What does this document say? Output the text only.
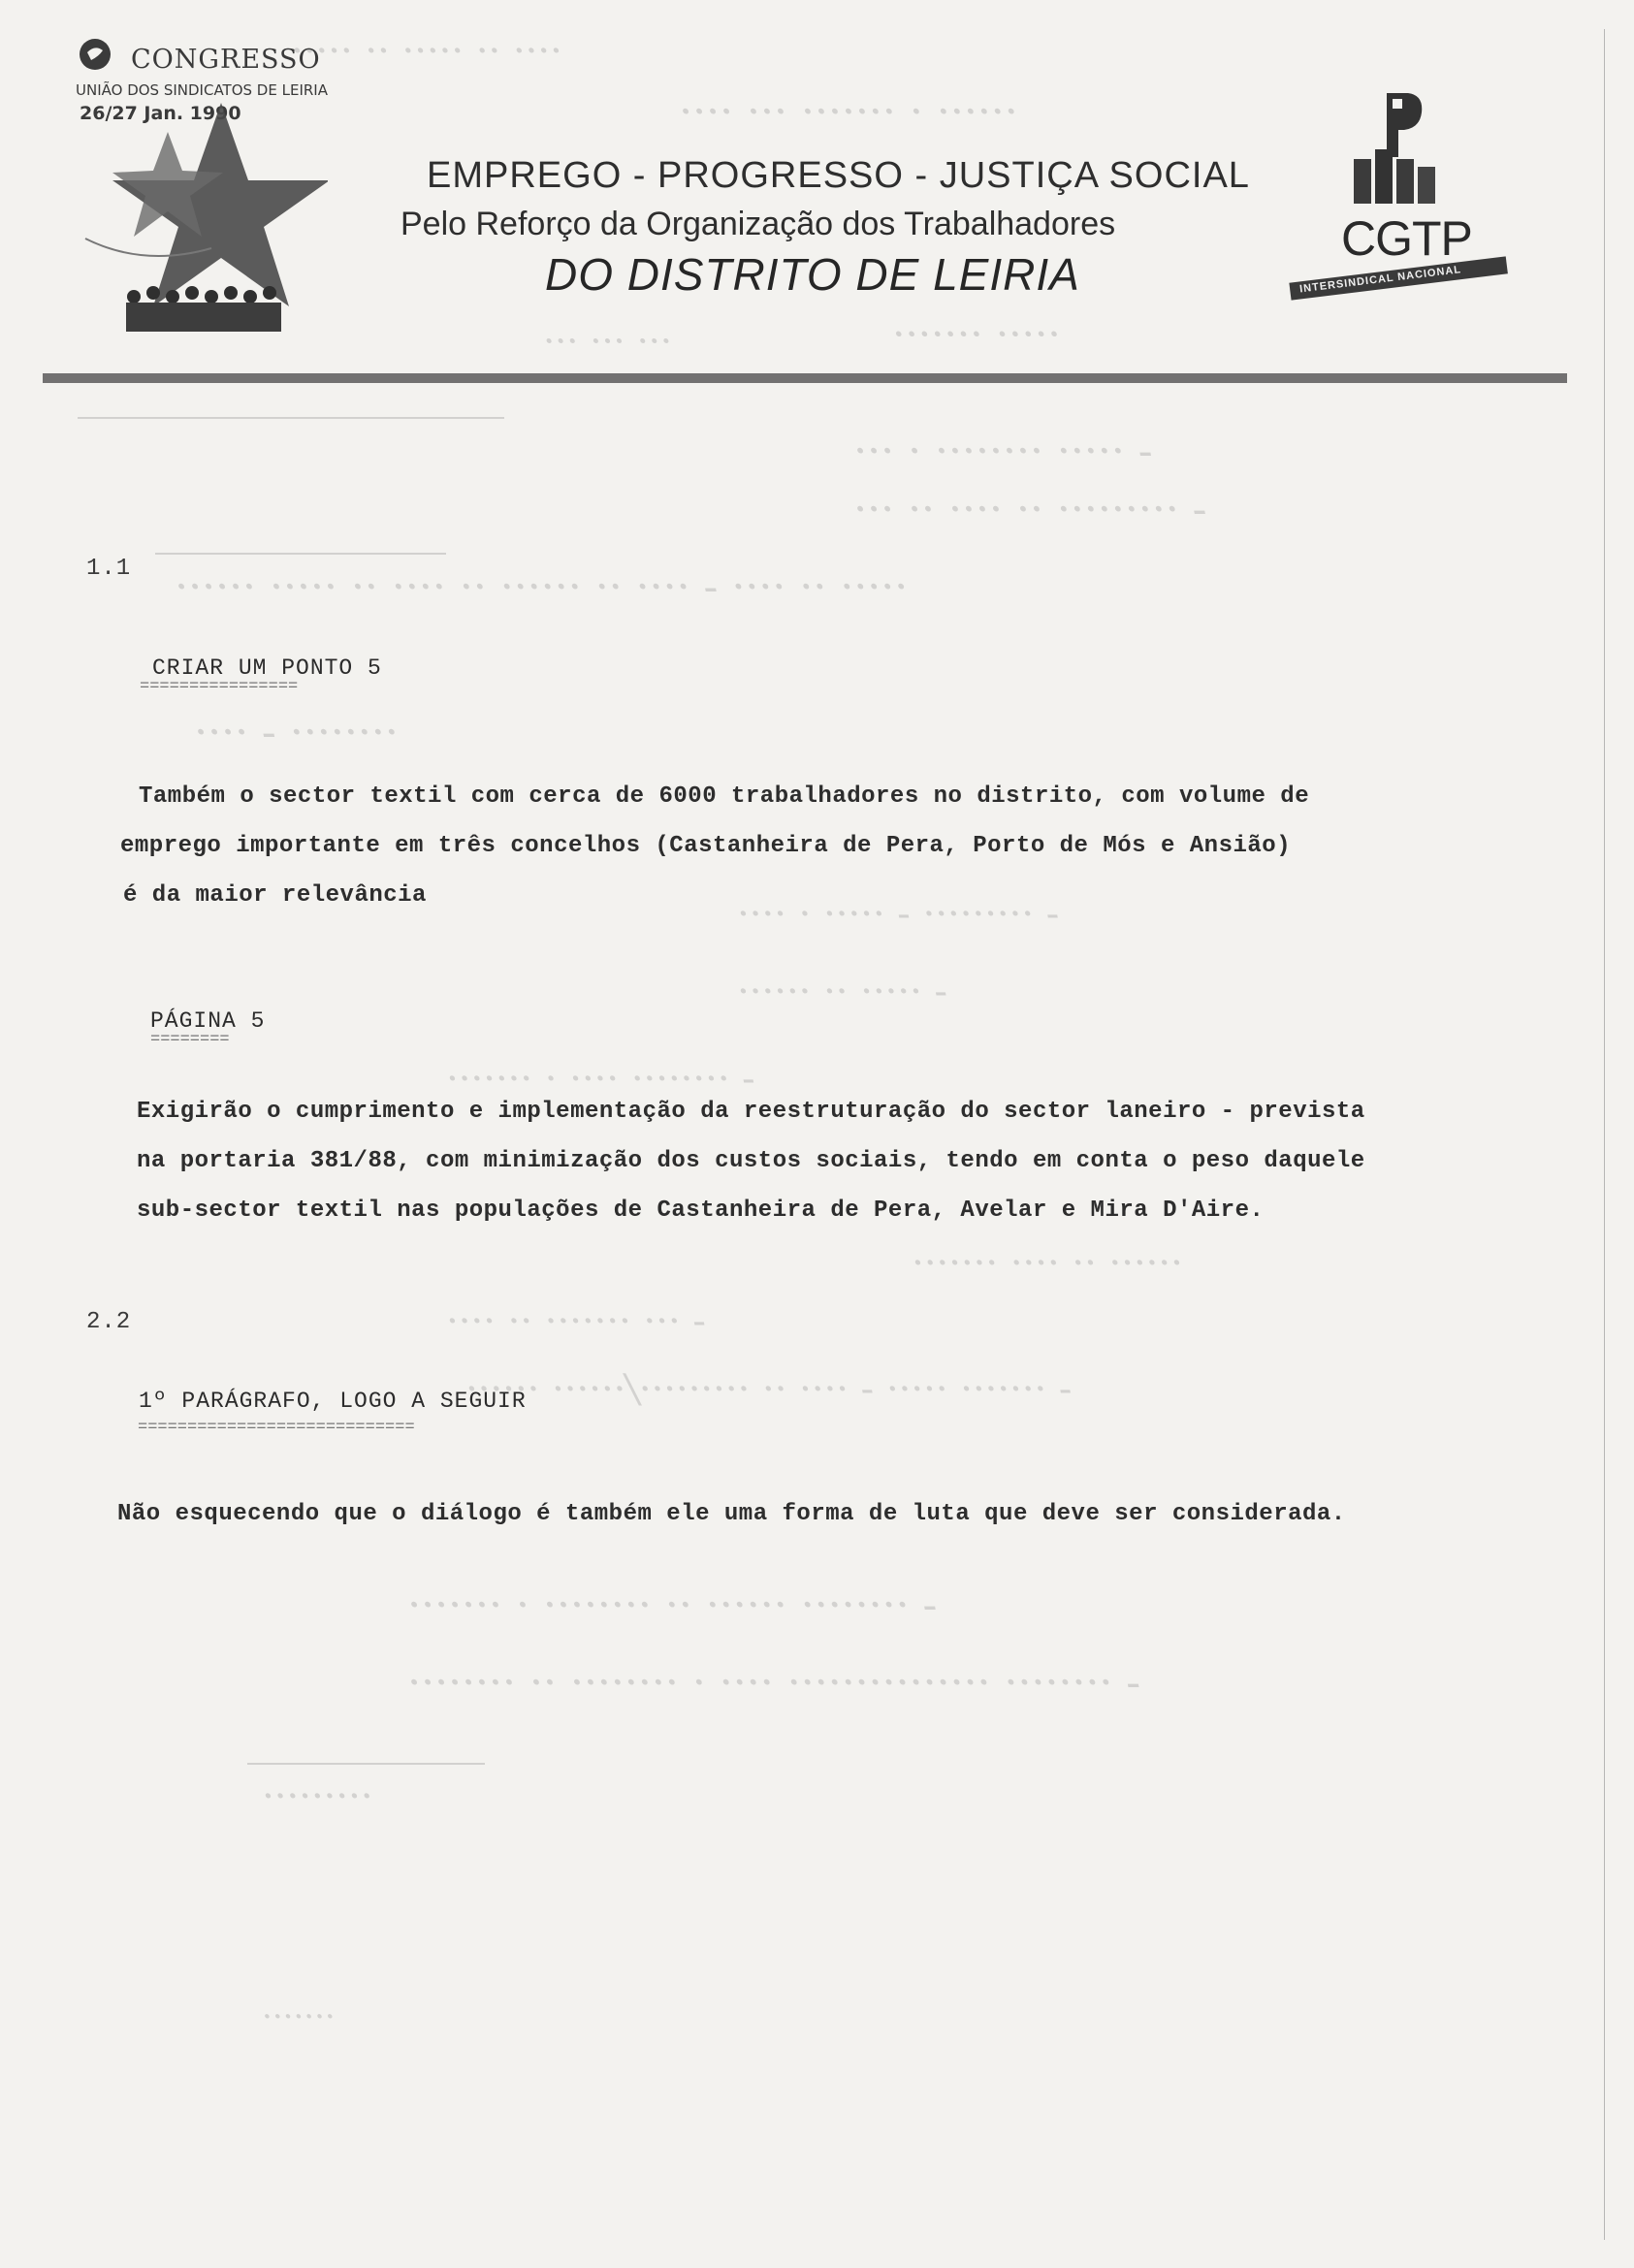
···· ·· ····· ·· ·····
······ · ······· ··· ····
····· ·······
··· ··· ···
- ····· ········ · ···
- ········· ·· ···· ·· ···
····· ·· ···· - ···· ·· ······ ·· ···· ·· ····· ······
········ - ····
- ········· - ····· · ····
- ····· ·· ······
- ········ ···· · ·······
······ ·· ···· ·······
- ··· ······· ·· ····
- ······· ····· - ···· ·· ·········/······ ······
- ········ ······ ·· ········ · ·······
- ········ ··············· ···· · ········ ·· ········
·········
·······
CONGRESSO
UNIÃO DOS SINDICATOS DE LEIRIA
26/27 Jan. 1990
EMPREGO - PROGRESSO - JUSTIÇA SOCIAL
Pelo Reforço da Organização dos Trabalhadores
DO DISTRITO DE LEIRIA
CGTP
INTERSINDICAL NACIONAL
1.1
CRIAR UM PONTO 5
================
Também o sector textil com cerca de 6000 trabalhadores no distrito, com volume de
emprego importante em três concelhos (Castanheira de Pera, Porto de Mós e Ansião)
é da maior relevância
PÁGINA 5
========
Exigirão o cumprimento e implementação da reestruturação do sector laneiro - prevista
na portaria 381/88, com minimização dos custos sociais, tendo em conta o peso daquele
sub-sector textil nas populações de Castanheira de Pera, Avelar e Mira D'Aire.
2.2
1º PARÁGRAFO, LOGO A SEGUIR
============================
Não esquecendo que o diálogo é também ele uma forma de luta que deve ser considerada.
